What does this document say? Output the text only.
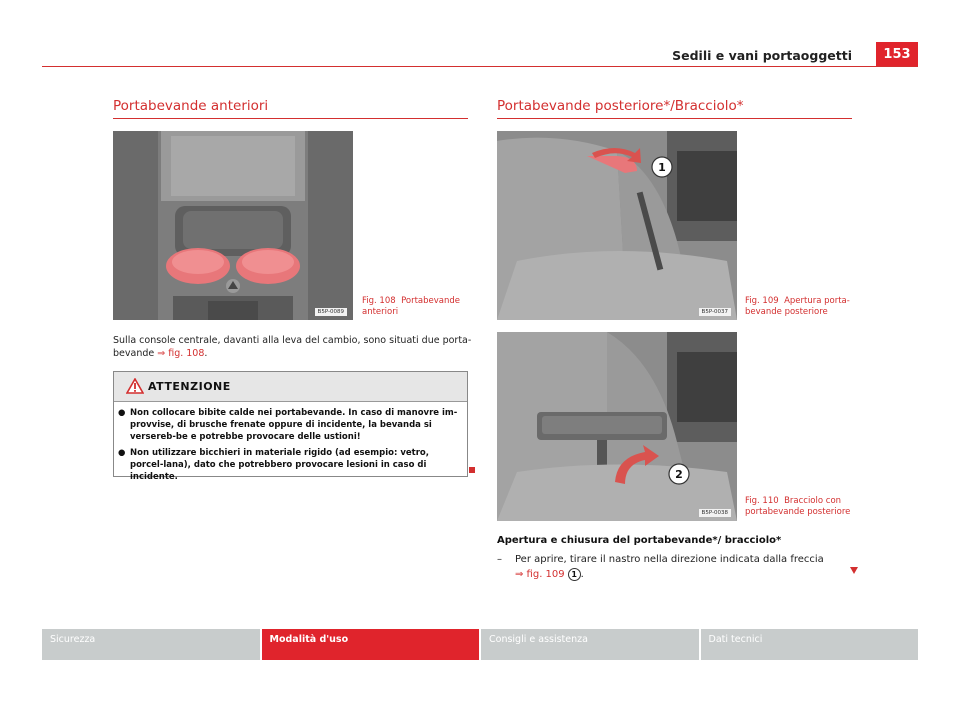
Sedili e vani portaoggetti	153
Portabevande anteriori
B5P-0089
Fig. 108 Portabevande anteriori
Sulla console centrale, davanti alla leva del cambio, sono situati due porta-
bevande ⇒ fig. 108.
ATTENZIONE
● Non collocare bibite calde nei portabevande. In caso di manovre im-provvise, di brusche frenate oppure di incidente, la bevanda si versereb-be e potrebbe provocare delle ustioni!
● Non utilizzare bicchieri in materiale rigido (ad esempio: vetro, porcel-lana), dato che potrebbero provocare lesioni in caso di incidente.
Portabevande posteriore*/Bracciolo*
1
B5P-0037
Fig. 109 Apertura porta-bevande posteriore
2
B5P-0038
Fig. 110 Bracciolo con portabevande posteriore
Apertura e chiusura del portabevande*/ bracciolo*
– Per aprire, tirare il nastro nella direzione indicata dalla freccia
⇒ fig. 109 1 .
Sicurezza	Modalità d'uso	Consigli e assistenza	Dati tecnici
